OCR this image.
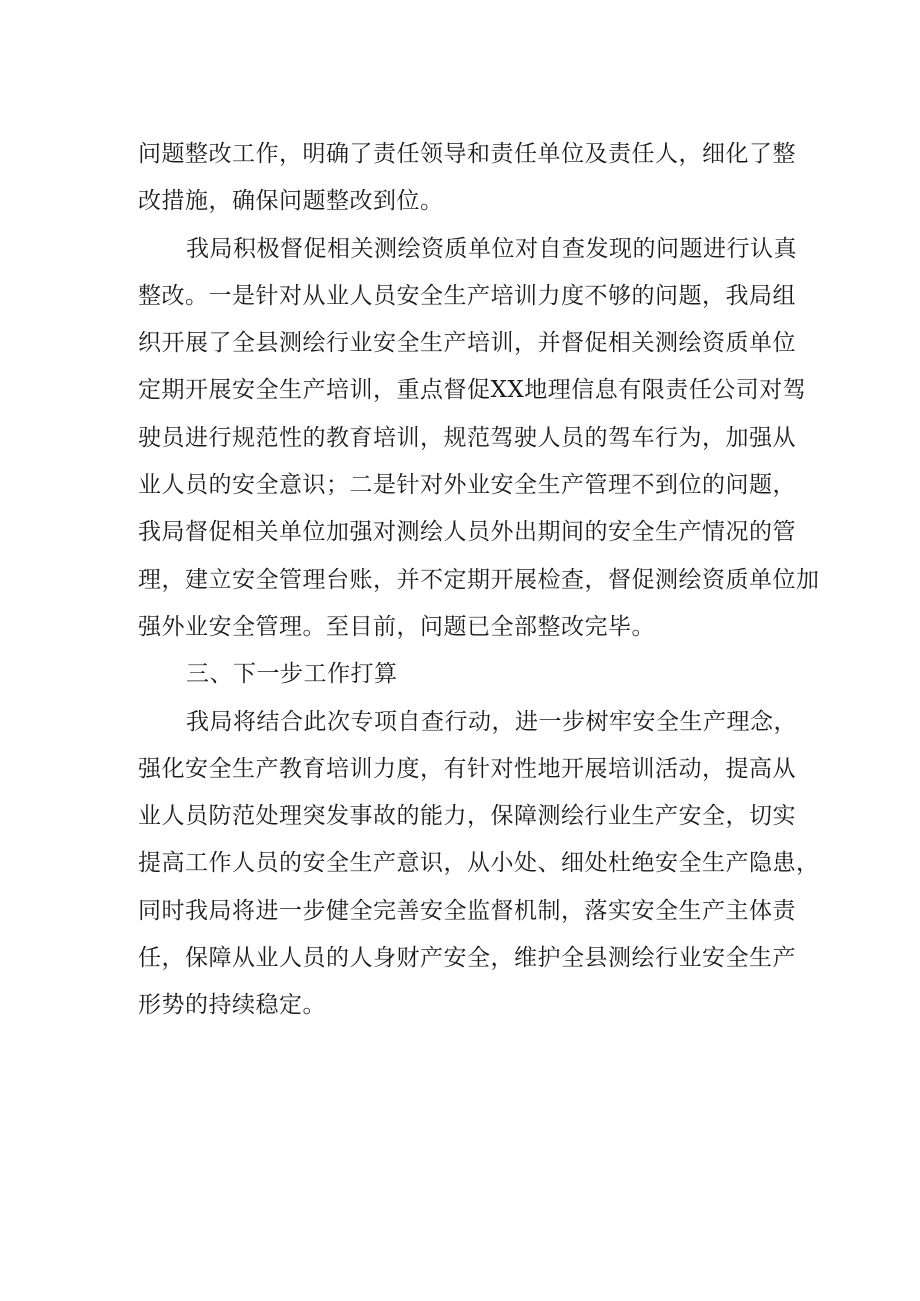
问题整改工作，明确了责任领导和责任单位及责任人，细化了整
改措施，确保问题整改到位。
我局积极督促相关测绘资质单位对自查发现的问题进行认真
整改。一是针对从业人员安全生产培训力度不够的问题，我局组
织开展了全县测绘行业安全生产培训，并督促相关测绘资质单位
定期开展安全生产培训，重点督促XX地理信息有限责任公司对驾
驶员进行规范性的教育培训，规范驾驶人员的驾车行为，加强从
业人员的安全意识；二是针对外业安全生产管理不到位的问题，
我局督促相关单位加强对测绘人员外出期间的安全生产情况的管
理，建立安全管理台账，并不定期开展检查，督促测绘资质单位加
强外业安全管理。至目前，问题已全部整改完毕。
三、下一步工作打算
我局将结合此次专项自查行动，进一步树牢安全生产理念，
强化安全生产教育培训力度，有针对性地开展培训活动，提高从
业人员防范处理突发事故的能力，保障测绘行业生产安全，切实
提高工作人员的安全生产意识，从小处、细处杜绝安全生产隐患，
同时我局将进一步健全完善安全监督机制，落实安全生产主体责
任，保障从业人员的人身财产安全，维护全县测绘行业安全生产
形势的持续稳定。
